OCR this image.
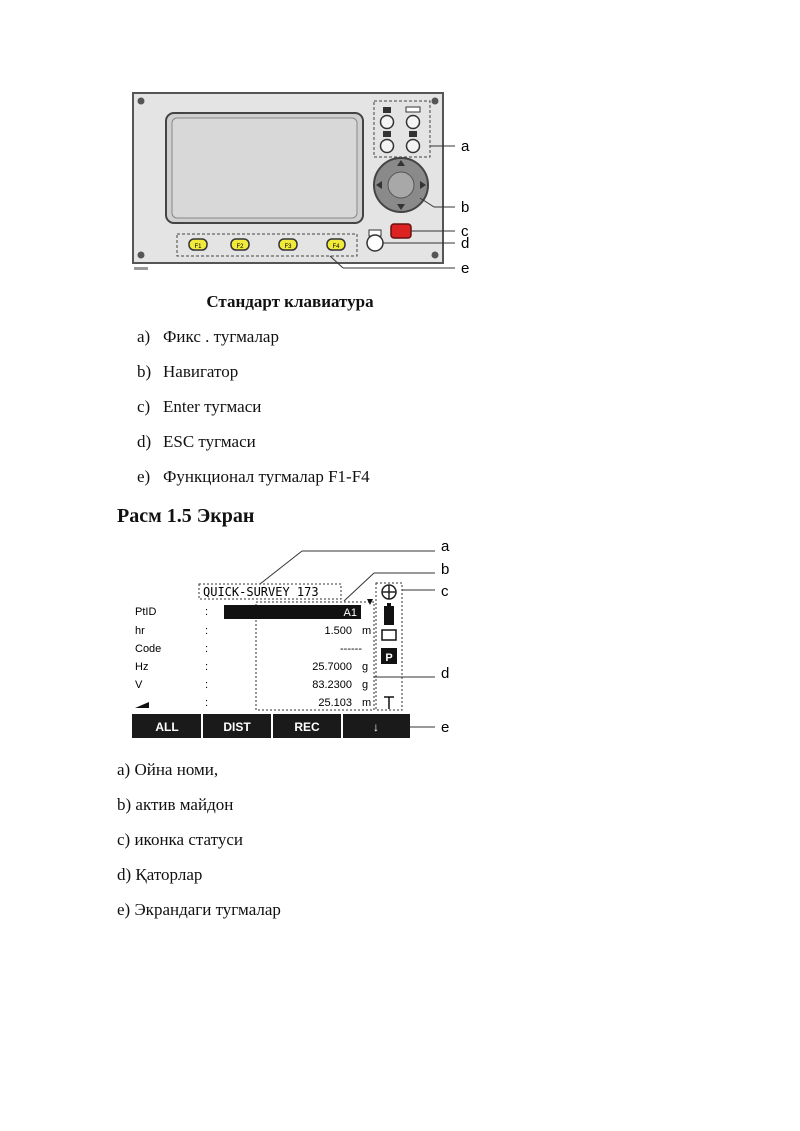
F1	F2	F3	F4
a
b
c
d
e
QUICK-SURVEY 173
a
b
P
c
d
PtID	:	A1
hr	:	1.500 m
Code	:	------
Hz	:	25.7000 g
V	:	83.2300 g
:	25.103 m
ALL	DIST	REC	↓	e
Стандарт клавиатура
a) Фикс . тугмалар
b) Навигатор
c) Enter тугмаси
d) ESC тугмаси
e) Функционал тугмалар F1-F4
Расм 1.5 Экран
a) Ойна номи,
b) актив майдон
c) иконка статуси
d) Қаторлар
e) Экрандаги тугмалар
